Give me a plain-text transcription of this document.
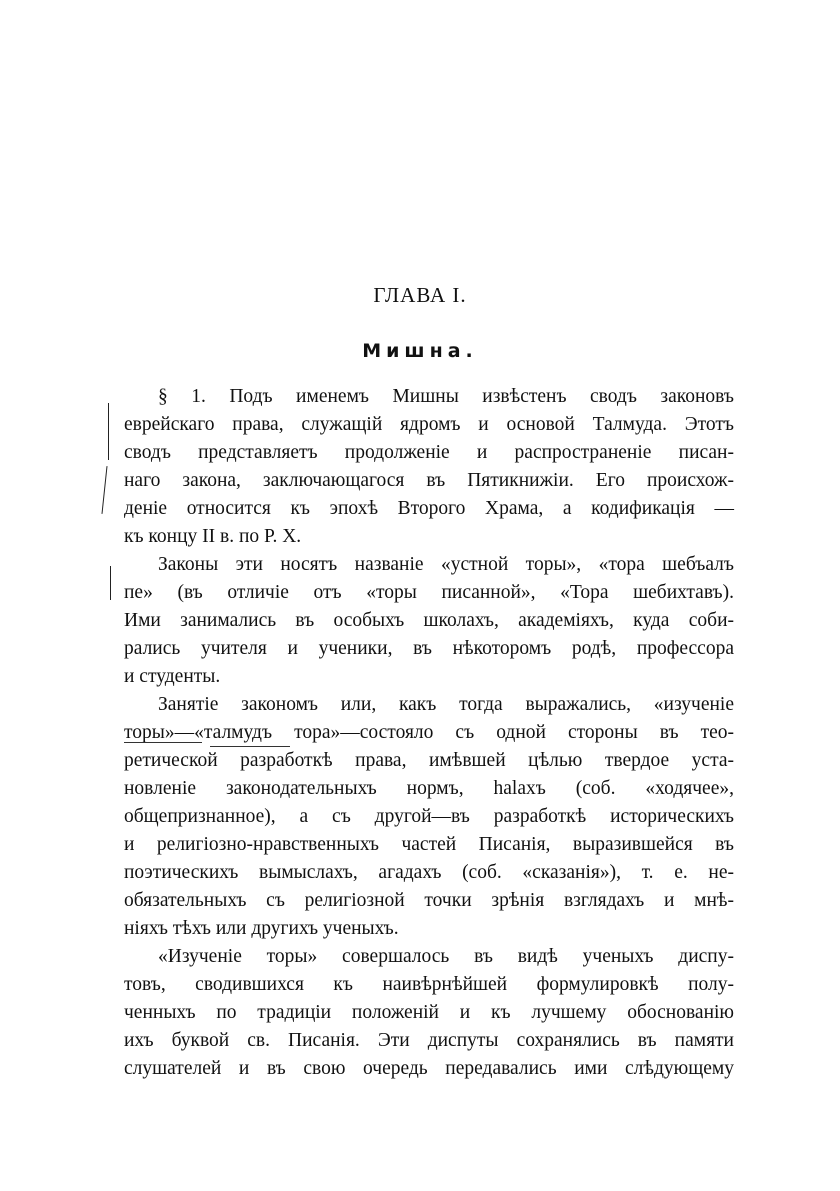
ГЛАВА I.
Мишна.
§ 1. Подъ именемъ Мишны извѣстенъ сводъ законовъ
еврейскаго права, служащій ядромъ и основой Талмуда. Этотъ
сводъ представляетъ продолженіе и распространеніе писан-
наго закона, заключающагося въ Пятикнижіи. Его происхож-
деніе относится къ эпохѣ Второго Храма, а кодификація —
къ концу II в. по Р. Х.
Законы эти носятъ названіе «устной торы», «тора шебъалъ
пе» (въ отличіе отъ «торы писанной», «Тора шебихтавъ).
Ими занимались въ особыхъ школахъ, академіяхъ, куда соби-
рались учителя и ученики, въ нѣкоторомъ родѣ, профессора
и студенты.
Занятіе закономъ или, какъ тогда выражались, «изученіе
торы»—«талмудъ тора»—состояло съ одной стороны въ тео-
ретической разработкѣ права, имѣвшей цѣлью твердое уста-
новленіе законодательныхъ нормъ, halaxъ (соб. «ходячее»,
общепризнанное), а съ другой—въ разработкѣ историческихъ
и религіозно-нравственныхъ частей Писанія, выразившейся въ
поэтическихъ вымыслахъ, агадахъ (соб. «сказанія»), т. е. не-
обязательныхъ съ религіозной точки зрѣнія взглядахъ и мнѣ-
ніяхъ тѣхъ или другихъ ученыхъ.
«Изученіе торы» совершалось въ видѣ ученыхъ диспу-
товъ, сводившихся къ наивѣрнѣйшей формулировкѣ полу-
ченныхъ по традиціи положеній и къ лучшему обоснованію
ихъ буквой св. Писанія. Эти диспуты сохранялись въ памяти
слушателей и въ свою очередь передавались ими слѣдующему
